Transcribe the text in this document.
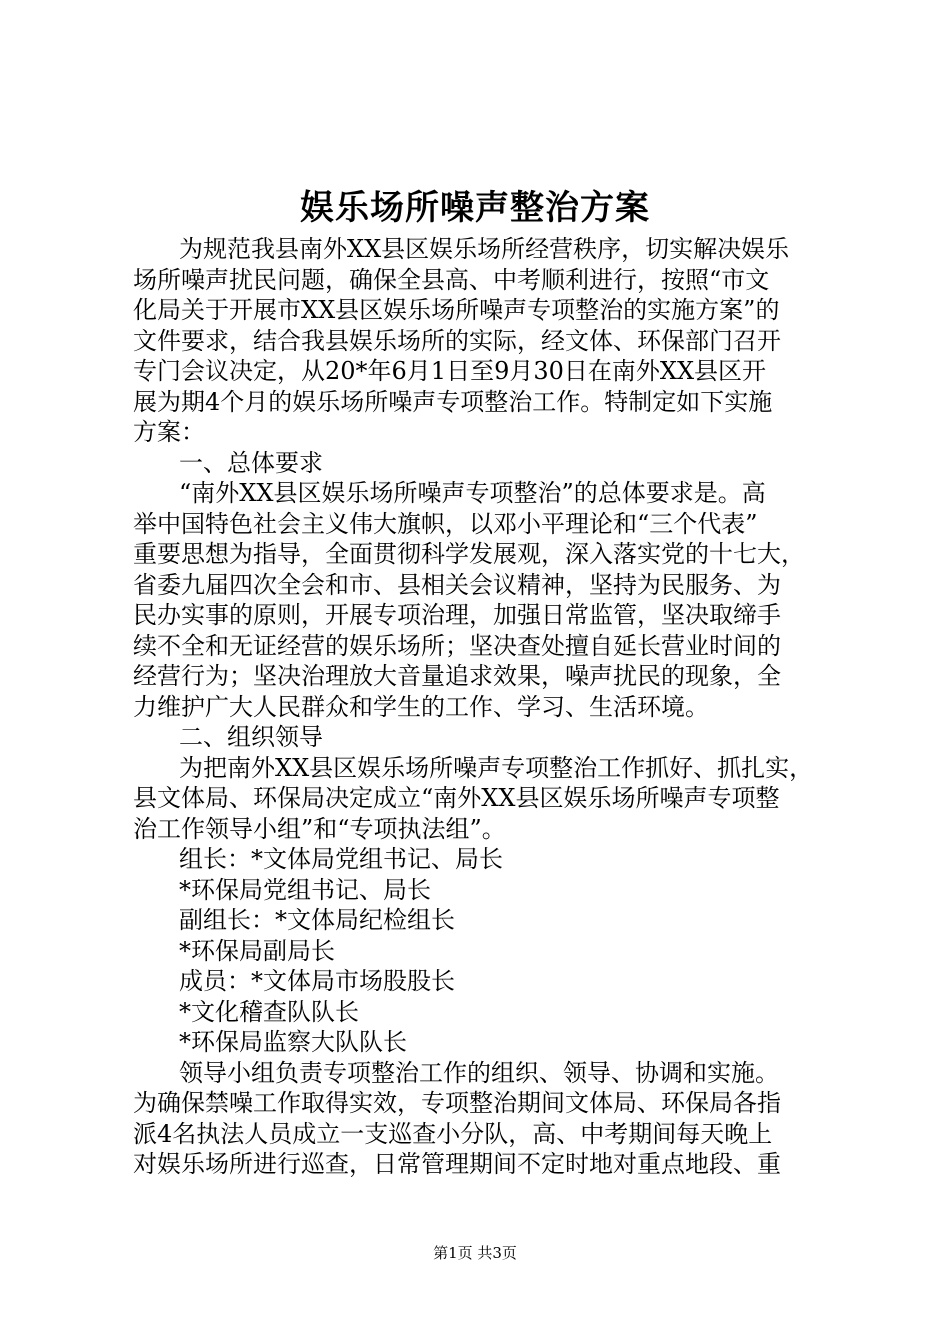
娱乐场所噪声整治方案
为规范我县南外XX县区娱乐场所经营秩序，切实解决娱乐
场所噪声扰民问题，确保全县高、中考顺利进行，按照“市文
化局关于开展市XX县区娱乐场所噪声专项整治的实施方案”的
文件要求，结合我县娱乐场所的实际，经文体、环保部门召开
专门会议决定，从20*年6月1日至9月30日在南外XX县区开
展为期4个月的娱乐场所噪声专项整治工作。特制定如下实施
方案：
一、总体要求
“南外XX县区娱乐场所噪声专项整治”的总体要求是。高
举中国特色社会主义伟大旗帜，以邓小平理论和“三个代表”
重要思想为指导，全面贯彻科学发展观，深入落实党的十七大，
省委九届四次全会和市、县相关会议精神，坚持为民服务、为
民办实事的原则，开展专项治理，加强日常监管，坚决取缔手
续不全和无证经营的娱乐场所；坚决查处擅自延长营业时间的
经营行为；坚决治理放大音量追求效果，噪声扰民的现象，全
力维护广大人民群众和学生的工作、学习、生活环境。
二、组织领导
为把南外XX县区娱乐场所噪声专项整治工作抓好、抓扎实，
县文体局、环保局决定成立“南外XX县区娱乐场所噪声专项整
治工作领导小组”和“专项执法组”。
组长：*文体局党组书记、局长
*环保局党组书记、局长
副组长：*文体局纪检组长
*环保局副局长
成员：*文体局市场股股长
*文化稽查队队长
*环保局监察大队队长
领导小组负责专项整治工作的组织、领导、协调和实施。
为确保禁噪工作取得实效，专项整治期间文体局、环保局各指
派4名执法人员成立一支巡查小分队，高、中考期间每天晚上
对娱乐场所进行巡查，日常管理期间不定时地对重点地段、重
第1页 共3页
